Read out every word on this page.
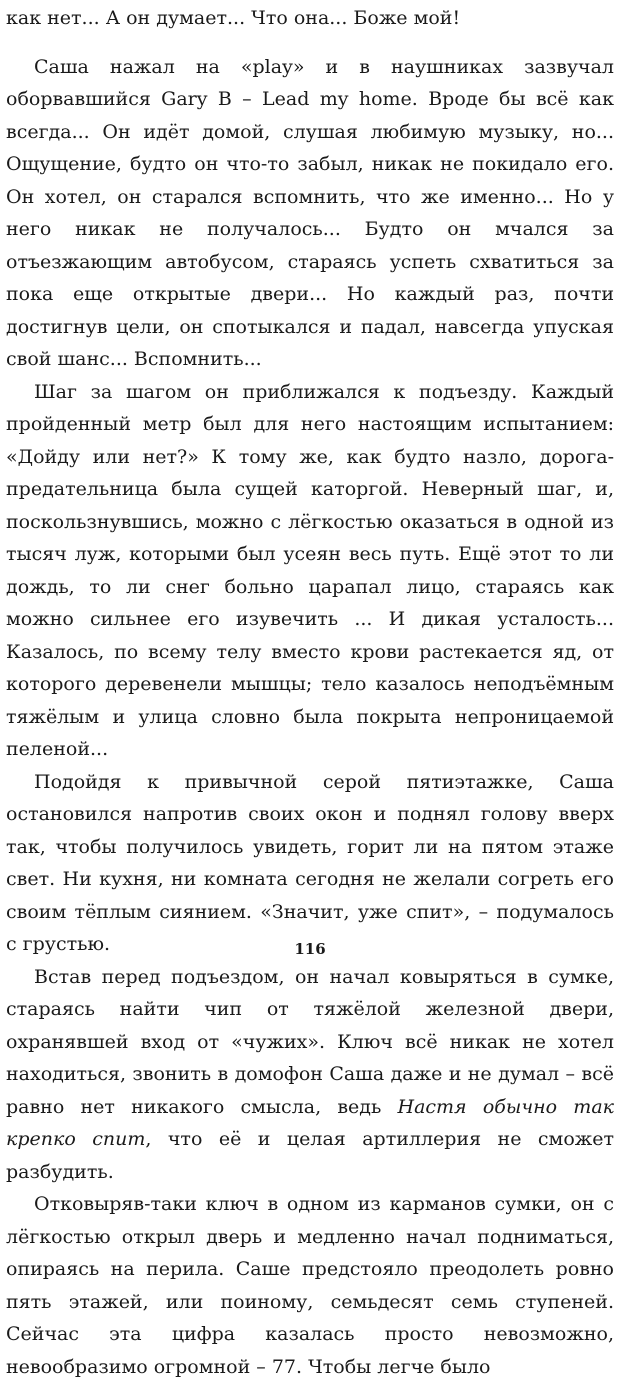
как нет... А он думает... Что она... Боже мой!

Саша нажал на «play» и в наушниках зазвучал оборвавшийся Gary B – Lead my home. Вроде бы всё как всегда... Он идёт домой, слушая любимую музыку, но... Ощущение, будто он что-то забыл, никак не покидало его. Он хотел, он старался вспомнить, что же именно... Но у него никак не получалось... Будто он мчался за отъезжающим автобусом, стараясь успеть схватиться за пока еще открытые двери... Но каждый раз, почти достигнув цели, он спотыкался и падал, навсегда упуская свой шанс... Вспомнить...

Шаг за шагом он приближался к подъезду. Каждый пройденный метр был для него настоящим испытанием: «Дойду или нет?» К тому же, как будто назло, дорога-предательница была сущей каторгой. Неверный шаг, и, поскользнувшись, можно с лёгкостью оказаться в одной из тысяч луж, которыми был усеян весь путь. Ещё этот то ли дождь, то ли снег больно царапал лицо, стараясь как можно сильнее его изувечить ... И дикая усталость... Казалось, по всему телу вместо крови растекается яд, от которого деревенели мышцы; тело казалось неподъёмным тяжёлым и улица словно была покрыта непроницаемой пеленой...

Подойдя к привычной серой пятиэтажке, Саша остановился напротив своих окон и поднял голову вверх так, чтобы получилось увидеть, горит ли на пятом этаже свет. Ни кухня, ни комната сегодня не желали согреть его своим тёплым сиянием. «Значит, уже спит», – подумалось с грустью.

Встав перед подъездом, он начал ковыряться в сумке, стараясь найти чип от тяжёлой железной двери, охранявшей вход от «чужих». Ключ всё никак не хотел находиться, звонить в домофон Саша даже и не думал – всё равно нет никакого смысла, ведь Настя обычно так крепко спит, что её и целая артиллерия не сможет разбудить.

Отковыряв-таки ключ в одном из карманов сумки, он с лёгкостью открыл дверь и медленно начал подниматься, опираясь на перила. Саше предстояло преодолеть ровно пять этажей, или поиному, семьдесят семь ступеней. Сейчас эта цифра казалась просто невозможно, невообразимо огромной – 77. Чтобы легче было

116
